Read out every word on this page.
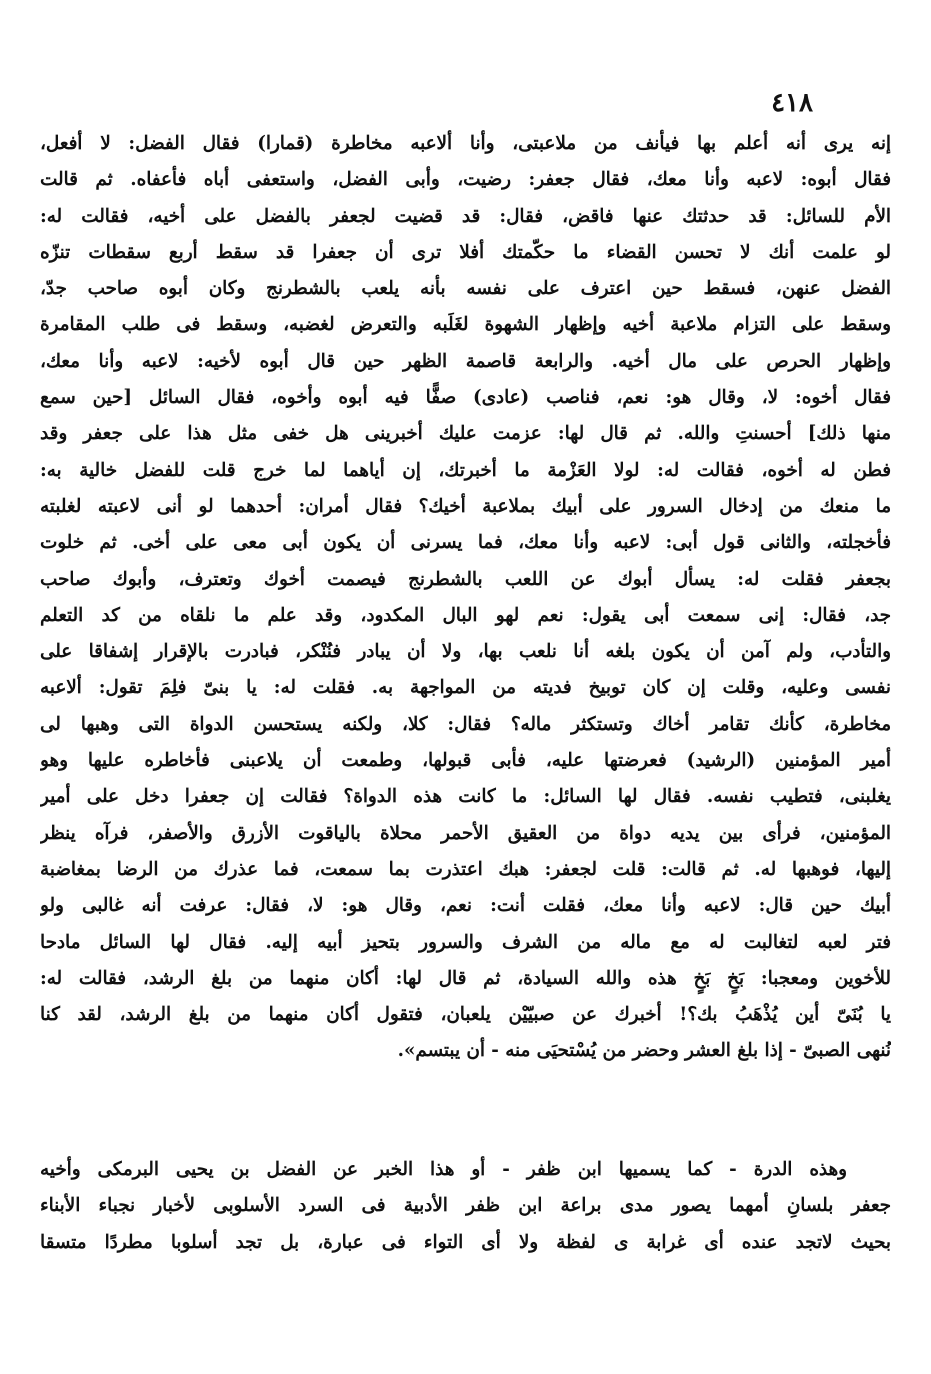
٤١٨
إنه يرى أنه أعلم بها فيأنف من ملاعبتى، وأنا ألاعبه مخاطرة (قمارا) فقال الفضل: لا أفعل،
فقال أبوه: لاعبه وأنا معك، فقال جعفر: رضيت، وأبى الفضل، واستعفى أباه فأعفاه. ثم قالت
الأم للسائل: قد حدثتك عنها فاقض، فقال: قد قضيت لجعفر بالفضل على أخيه، فقالت له:
لو علمت أنك لا تحسن القضاء ما حكّمتك أفلا ترى أن جعفرا قد سقط أربع سقطات تنزّه
الفضل عنهن، فسقط حين اعترف على نفسه بأنه يلعب بالشطرنج وكان أبوه صاحب جدّ،
وسقط على التزام ملاعبة أخيه وإظهار الشهوة لغَلَبه والتعرض لغضبه، وسقط فى طلب المقامرة
وإظهار الحرص على مال أخيه. والرابعة قاصمة الظهر حين قال أبوه لأخيه: لاعبه وأنا معك،
فقال أخوه: لا، وقال هو: نعم، فناصب (عادى) صفًّا فيه أبوه وأخوه، فقال السائل [حين سمع
منها ذلك] أحسنتِ والله. ثم قال لها: عزمت عليك أخبرينى هل خفى مثل هذا على جعفر وقد
فطن له أخوه، فقالت له: لولا العَزْمة ما أخبرتك، إن أياهما لما خرج قلت للفضل خالية به:
ما منعك من إدخال السرور على أبيك بملاعبة أخيك؟ فقال أمران: أحدهما لو أنى لاعبته لغلبته
فأخجلته، والثانى قول أبى: لاعبه وأنا معك، فما يسرنى أن يكون أبى معى على أخى. ثم خلوت
بجعفر فقلت له: يسأل أبوك عن اللعب بالشطرنج فيصمت أخوك وتعترف، وأبوك صاحب
جد، فقال: إنى سمعت أبى يقول: نعم لهو البال المكدود، وقد علم ما نلقاه من كد التعلم
والتأدب، ولم آمن أن يكون بلغه أنا نلعب بها، ولا أن يبادر فنُنْكر، فبادرت بالإقرار إشفاقا على
نفسى وعليه، وقلت إن كان توبيخ فديته من المواجهة به. فقلت له: يا بنىّ فلِمَ تقول: ألاعبه
مخاطرة، كأنك تقامر أخاك وتستكثر ماله؟ فقال: كلا، ولكنه يستحسن الدواة التى وهبها لى
أمير المؤمنين (الرشيد) فعرضتها عليه، فأبى قبولها، وطمعت أن يلاعبنى فأخاطره عليها وهو
يغلبنى، فتطيب نفسه. فقال لها السائل: ما كانت هذه الدواة؟ فقالت إن جعفرا دخل على أمير
المؤمنين، فرأى بين يديه دواة من العقيق الأحمر محلاة بالياقوت الأزرق والأصفر، فرآه ينظر
إليها، فوهبها له. ثم قالت: قلت لجعفر: هبك اعتذرت بما سمعت، فما عذرك من الرضا بمغاضبة
أبيك حين قال: لاعبه وأنا معك، فقلت أنت: نعم، وقال هو: لا، فقال: عرفت أنه غالبى ولو
فتر لعبه لتغالبت له مع ماله من الشرف والسرور بتحيز أبيه إليه. فقال لها السائل مادحا
للأخوين ومعجبا: بَخٍ بَخٍ هذه والله السيادة، ثم قال لها: أكان منهما من بلغ الرشد، فقالت له:
يا بُنَىّ أين يُذْهَبُ بك؟! أخبرك عن صبيّيْن يلعبان، فتقول أكان منهما من بلغ الرشد، لقد كنا
نُنهى الصبىّ - إذا بلغ العشر وحضر من يُسْتحيَى منه - أن يبتسم».
وهذه الدرة - كما يسميها ابن ظفر - أو هذا الخبر عن الفضل بن يحيى البرمكى وأخيه
جعفر بلسانِ أمهما يصور مدى براعة ابن ظفر الأدبية فى السرد الأسلوبى لأخبار نجباء الأبناء
بحيث لاتجد عنده أى غرابة ى لفظة ولا أى التواء فى عبارة، بل تجد أسلوبا مطردًا متسقا
